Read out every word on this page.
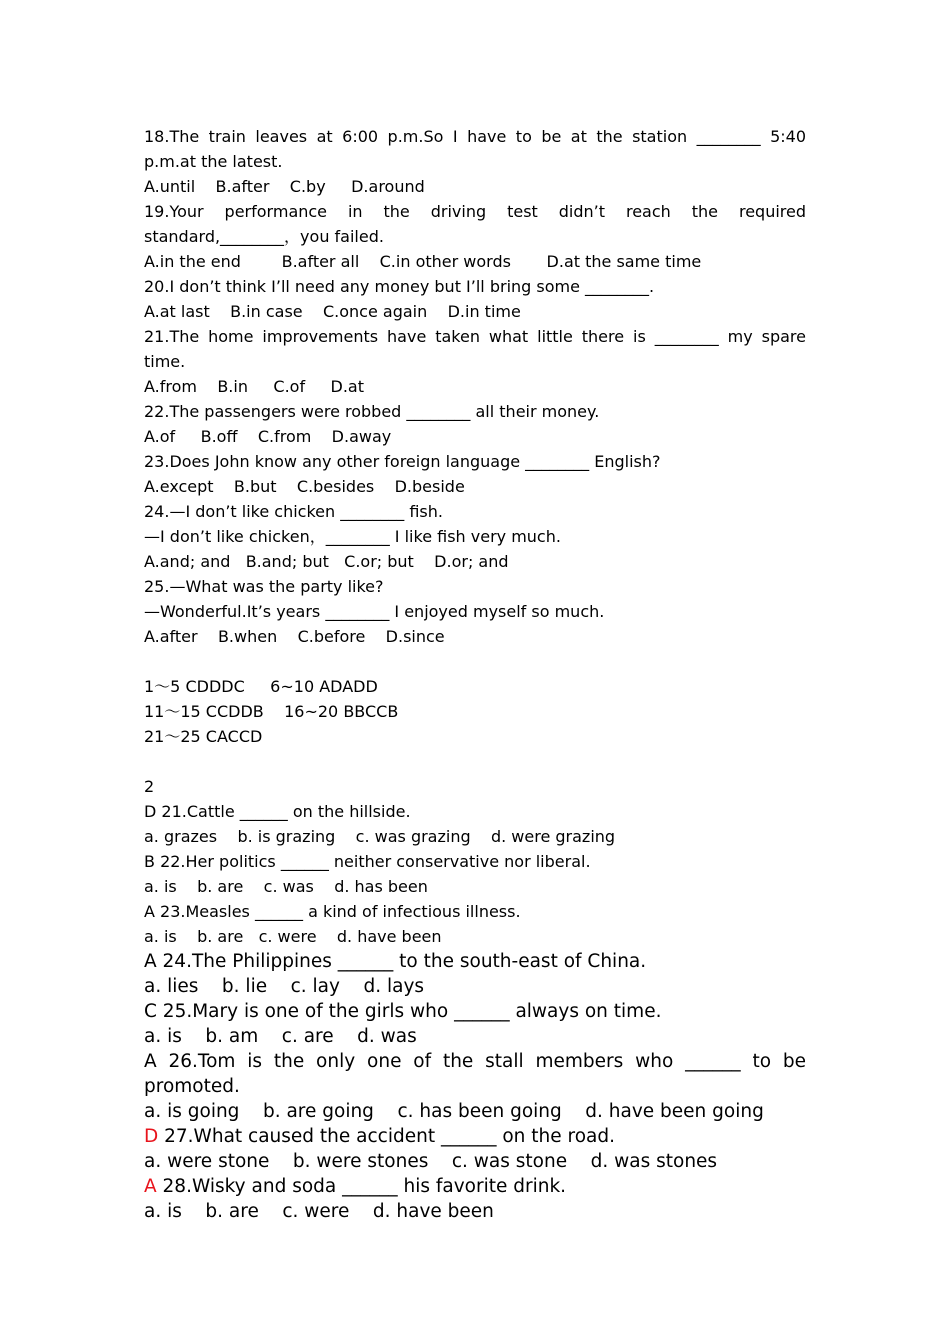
18.The train leaves at 6:00 p.m.So I have to be at the station ________ 5:40
p.m.at the latest.
A.until    B.after    C.by     D.around
19.Your performance in the driving test didn’t reach the required
standard,________，you failed.
A.in the end        B.after all    C.in other words       D.at the same time
20.I don’t think I’ll need any money but I’ll bring some ________.
A.at last    B.in case    C.once again    D.in time
21.The home improvements have taken what little there is ________ my spare
time.
A.from    B.in     C.of     D.at
22.The passengers were robbed ________ all their money.
A.of     B.off    C.from    D.away
23.Does John know any other foreign language ________ English?
A.except    B.but    C.besides    D.beside
24.—I don’t like chicken ________ fish.
—I don’t like chicken，________ I like fish very much.
A.and; and   B.and; but   C.or; but    D.or; and
25.—What was the party like?
—Wonderful.It’s years ________ I enjoyed myself so much.
A.after    B.when    C.before    D.since
1～5 CDDDC     6~10 ADADD
11～15 CCDDB    16~20 BBCCB
21～25 CACCD
2
D 21.Cattle ______ on the hillside.
a. grazes    b. is grazing    c. was grazing    d. were grazing
B 22.Her politics ______ neither conservative nor liberal.
a. is    b. are    c. was    d. has been
A 23.Measles ______ a kind of infectious illness.
a. is    b. are   c. were    d. have been
A 24.The Philippines ______ to the south-east of China.
a. lies    b. lie    c. lay    d. lays
C 25.Mary is one of the girls who ______ always on time.
a. is    b. am    c. are    d. was
A 26.Tom is the only one of the stall members who ______ to be
promoted.
a. is going    b. are going    c. has been going    d. have been going
D 27.What caused the accident ______ on the road.
a. were stone    b. were stones    c. was stone    d. was stones
A 28.Wisky and soda ______ his favorite drink.
a. is    b. are    c. were    d. have been
